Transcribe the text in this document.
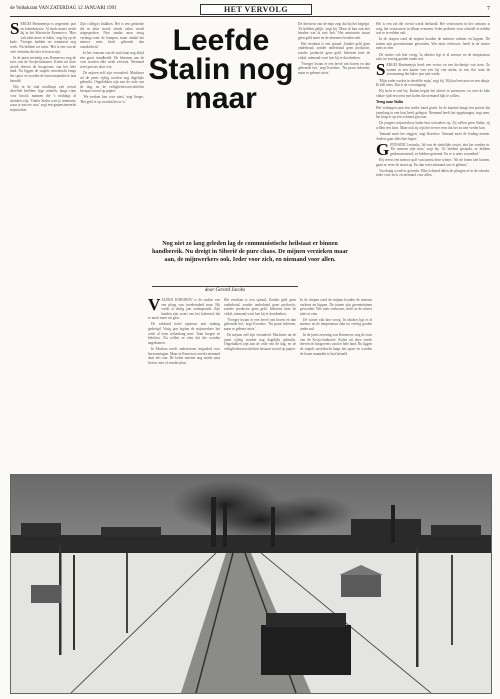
de Volkskrant VAN ZATERDAG 12 JANUARI 1991	HET VERVOLG	7
S ERGEI Bezimenyjn is negentien jaar en kolenhouwer. Al sinds maart werkt hij in het Siberische Kemerovo. 'Hier valt niets meer te halen,' zegt hij op de kade. 'Vroeger hadden we tenminste nog werk. Nu hebben we niets.' Het is een van de vele verhalen die hier te horen zijn.

In de jaren zeventig was Kemerovo nog de trots van de Sovjet-industrie. Kolen uit deze streek dreven de hoogovens van het hele land. Nu liggen de stapels onverkocht langs het spoor en worden de lonen maanden te laat betaald.

Wie in de stad rondloopt ziet overal dezelfde beelden: lege winkels, lange rijen voor brood, mannen die 's middags al dronken zijn. 'Onder Stalin wist je tenminste waar je aan toe was,' zegt een gepensioneerde mijnwerker.

Zijn collega's knikken. Het is een gedachte die in deze streek steeds vaker wordt uitgesproken. Niet omdat men terug verlangt naar de kampen, maar omdat het nieuwe niets heeft gebracht dan onzekerheid.

In het centrum van de stad staat nog altijd een groot standbeeld. De bloemen aan de voet worden elke week ververst. Niemand weet precies door wie.

De mijnen zelf zijn verouderd. Machines uit de jaren vijftig worden nog dagelijks gebruikt. Ongelukken zijn aan de orde van de dag, en de veiligheidsvoorschriften bestaan vooral op papier.

'We werken hier voor niets,' zegt Sergei. 'Het geld is op voordat het er is.'

Leefde Stalin nog maar

De directeur van de mijn zegt dat hij het begrijpt. 'Ze hebben gelijk,' zegt hij. 'Maar ik kan ook niet betalen wat ik niet heb.' Het ministerie stuurt geen geld meer en de afnemers betalen niet.

Het resultaat is een spiraal. Zonder geld geen onderhoud, zonder onderhoud geen productie, zonder productie geen geld. Iedereen kent de cirkel, niemand weet hoe hij te doorbreken.

'Vroeger kwam er een bevel van boven en dan gebeurde het,' zegt Korobov. 'Nu praat iedereen, maar er gebeurt niets.'

Het is een zin die overal wordt herhaald. Het vertrouwen in het centrum is weg, het vertrouwen in elkaar evenzeer. Ieder probeert voor zichzelf te redden wat er te redden valt.

In de dorpen rond de mijnen houden de mensen varkens en kippen. De tuinen zijn groentetuinen geworden. Wie niets verbouwt, heeft in de winter niets te eten.

De winter valt hier vroeg. In oktober ligt er al sneeuw en de temperatuur zakt tot veertig graden onder nul.

S ERGEI Bezimenyjn heeft een vrouw en een dochtertje van twee. Ze wonen in een kamer van vier bij vier meter, in een flat waar de verwarming het halve jaar niet werkt.

'Mijn vader werkte in dezelfde mijn,' zegt hij. 'Hij had een auto en een datsja. Ik heb niets. Dat is de vooruitgang.'

Hij lacht er niet bij. Buiten begint het alweer te sneeuwen, en over de kale vlakte rijdt een trein met kolen die niemand lijkt te willen.

Terug naar Stalin

Het verlangen naar een sterke hand groeit. In de kantine hangt een portret dat jarenlang in een kast heeft gelegen. Niemand heeft het opgehangen, zegt men, het hing er op een ochtend gewoon.

De jongere mijnwerkers halen hun schouders op. Zij willen geen Stalin, zij willen een loon. Maar ook zij zijn het erover eens dat het zo niet verder kan.

'Iemand moet het zeggen,' zegt Korobov. 'Iemand moet de leiding nemen. Anders gaat alles hier kapot.'

G ENNADIJ Levinsky, lid van de stedelijke sovjet, ziet het somber in. 'De mensen zijn moe,' zegt hij. 'Ze hebben gestaakt, ze hebben gedemonstreerd, ze hebben gestemd. En er is niets veranderd.'

Hij vreest een nieuwe golf van onrust deze winter. 'Als de lonen niet komen, gaan ze weer de straat op. En dan weet niemand wat er gebeurt.'

Voorlopig wordt er gewerkt. Elke ochtend dalen de ploegen af in de schacht, ieder voor zich, en niemand voor allen.

Nog niet zo lang geleden lag de communistische heilstaat er binnen handbereik. Nu dreigt in Siberië de pure chaos. De mijnen verzieken maar aan, de mijnwerkers ook. Ieder voor zich, en niemand voor allen.
door Gerard Jacobs
V ALERIJ KOROBOV is de oudste van een ploeg van tweehonderd man. Hij werkt al dertig jaar ondergronds. Zijn handen zijn zwart van het kolenstof dat er nooit meer uit gaat.

De vakbond heeft opnieuw met staking gedreigd. Vorig jaar legden de mijnwerkers het werk al eens wekenlang neer. Toen kregen ze beloften. Nu willen ze zien dat die worden nagekomen.

In Moskou wordt ondertussen vergaderd over hervormingen. Maar in Kemerovo merkt niemand daar iets van. De kolen moeten nog steeds naar boven, met of zonder plan.

Het resultaat is een spiraal. Zonder geld geen onderhoud, zonder onderhoud geen productie, zonder productie geen geld. Iedereen kent de cirkel, niemand weet hoe hij te doorbreken.

'Vroeger kwam er een bevel van boven en dan gebeurde het,' zegt Korobov. 'Nu praat iedereen, maar er gebeurt niets.'

De mijnen zelf zijn verouderd. Machines uit de jaren vijftig worden nog dagelijks gebruikt. Ongelukken zijn aan de orde van de dag, en de veiligheidsvoorschriften bestaan vooral op papier.

In de dorpen rond de mijnen houden de mensen varkens en kippen. De tuinen zijn groentetuinen geworden. Wie niets verbouwt, heeft in de winter niets te eten.

De winter valt hier vroeg. In oktober ligt er al sneeuw en de temperatuur zakt tot veertig graden onder nul.

In de jaren zeventig was Kemerovo nog de trots van de Sovjet-industrie. Kolen uit deze streek dreven de hoogovens van het hele land. Nu liggen de stapels onverkocht langs het spoor en worden de lonen maanden te laat betaald.
